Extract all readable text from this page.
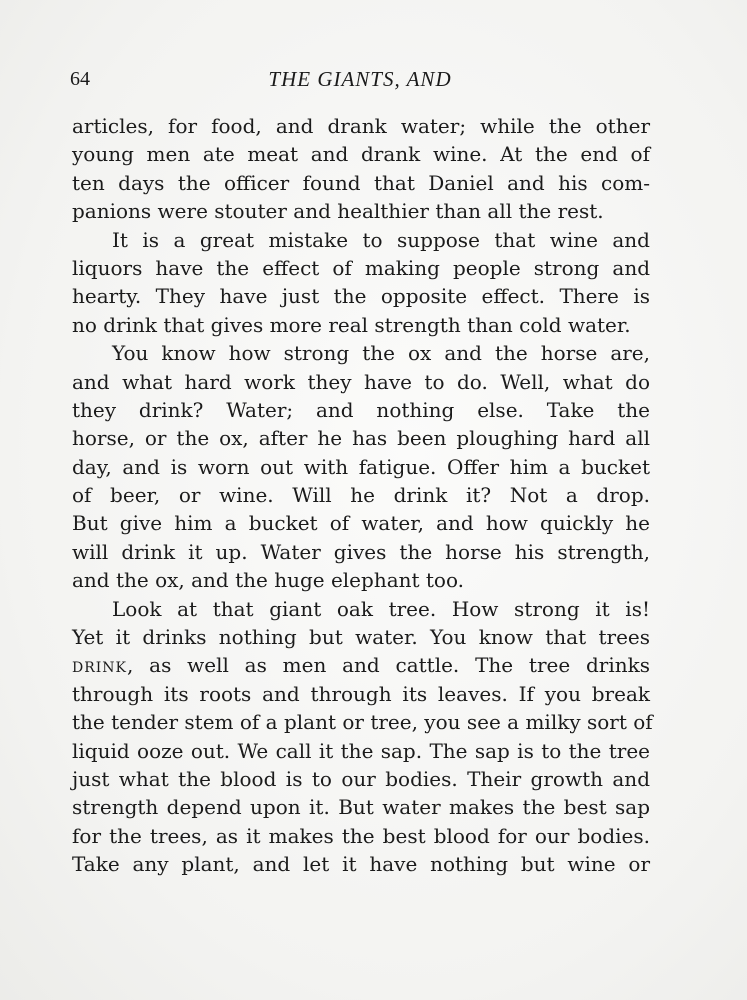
64	THE GIANTS, AND
articles, for food, and drank water; while the other
young men ate meat and drank wine. At the end of
ten days the officer found that Daniel and his com-
panions were stouter and healthier than all the rest.
It is a great mistake to suppose that wine and
liquors have the effect of making people strong and
hearty. They have just the opposite effect. There is
no drink that gives more real strength than cold water.
You know how strong the ox and the horse are,
and what hard work they have to do. Well, what do
they drink? Water; and nothing else. Take the
horse, or the ox, after he has been ploughing hard all
day, and is worn out with fatigue. Offer him a bucket
of beer, or wine. Will he drink it? Not a drop.
But give him a bucket of water, and how quickly he
will drink it up. Water gives the horse his strength,
and the ox, and the huge elephant too.
Look at that giant oak tree. How strong it is!
Yet it drinks nothing but water. You know that trees
drink, as well as men and cattle. The tree drinks
through its roots and through its leaves. If you break
the tender stem of a plant or tree, you see a milky sort of
liquid ooze out. We call it the sap. The sap is to the tree
just what the blood is to our bodies. Their growth and
strength depend upon it. But water makes the best sap
for the trees, as it makes the best blood for our bodies.
Take any plant, and let it have nothing but wine or
